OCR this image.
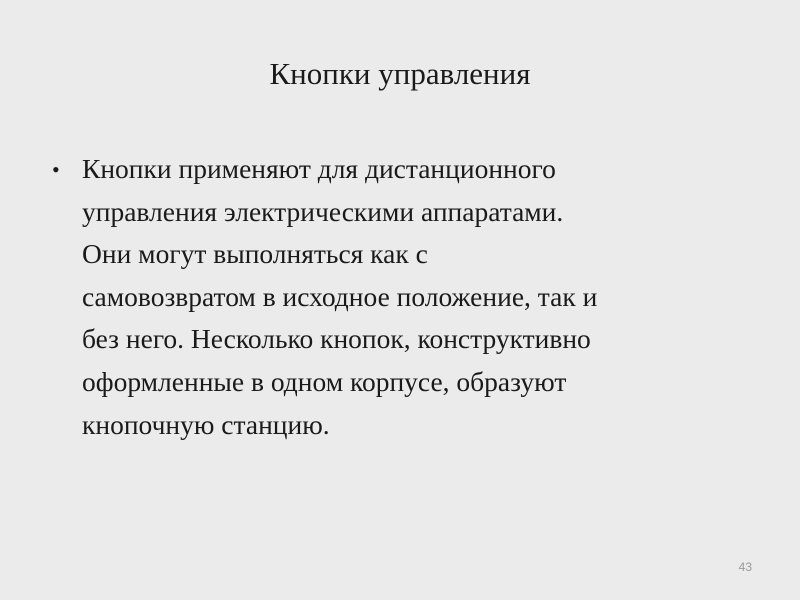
Кнопки управления
• Кнопки применяют для дистанционного
управления электрическими аппаратами.
Они могут выполняться как с
самовозвратом в исходное положение, так и
без него. Несколько кнопок, конструктивно
оформленные в одном корпусе, образуют
кнопочную станцию.
43
